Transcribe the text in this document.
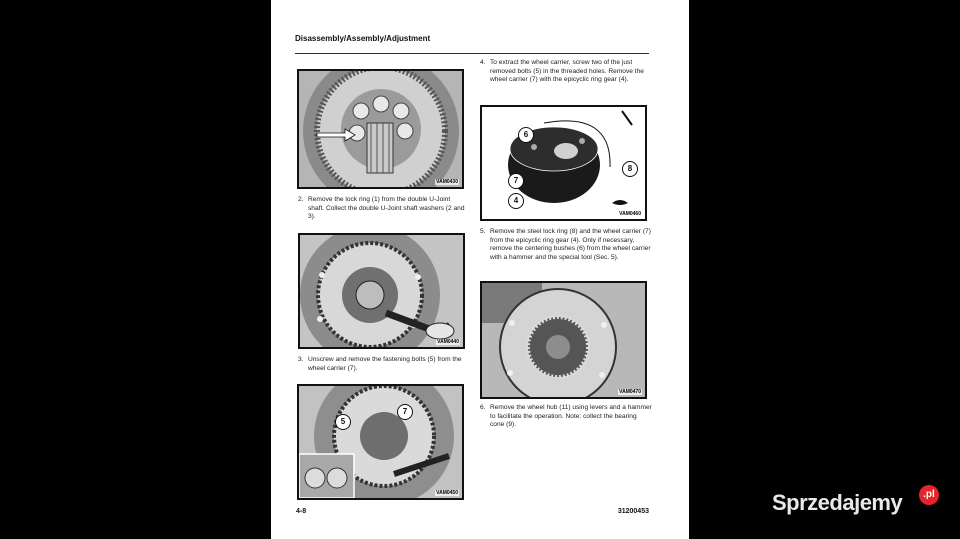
Disassembly/Assembly/Adjustment
VAM0430
2. Remove the lock ring (1) from the double U-Joint shaft. Collect the double U-Joint shaft washers (2 and 3).
VAM0440
3. Unscrew and remove the fastening bolts (5) from the wheel carrier (7).
5
7
VAM0450
4. To extract the wheel carrier, screw two of the just removed bolts (5) in the threaded holes. Remove the wheel carrier (7) with the epicyclic ring gear (4).
6
8
7
4
VAM0460
5. Remove the steel lock ring (8) and the wheel carrier (7) from the epicyclic ring gear (4). Only if necessary, remove the centering bushes (6) from the wheel carrier with a hammer and the special tool (Sec. 5).
VAM0470
6. Remove the wheel hub (11) using levers and a hammer to facilitate the operation. Note: collect the bearing cone (9).
4-8	31200453	Sprzedajemy	.pl
